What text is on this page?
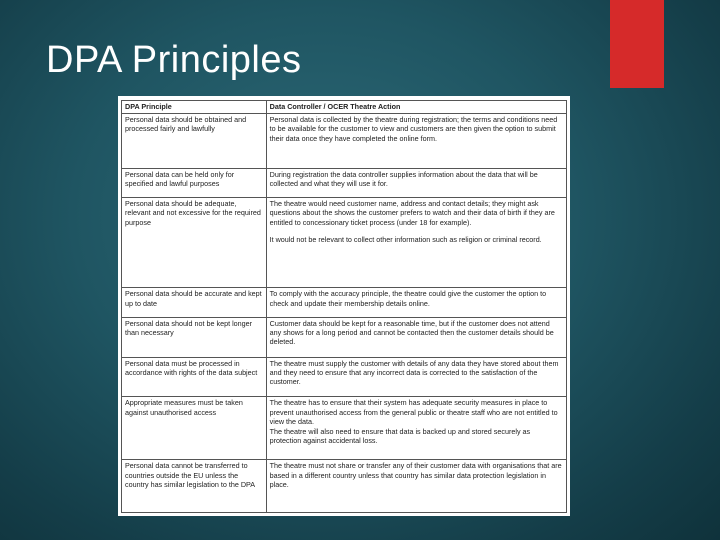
DPA Principles
DPA Principle	Data Controller / OCER Theatre Action
Personal data should be obtained and processed fairly and lawfully	Personal data is collected by the theatre during registration; the terms and conditions need to be available for the customer to view and customers are then given the option to submit their data once they have completed the online form.
Personal data can be held only for specified and lawful purposes	During registration the data controller supplies information about the data that will be collected and what they will use it for.
Personal data should be adequate, relevant and not excessive for the required purpose	The theatre would need customer name, address and contact details; they might ask questions about the shows the customer prefers to watch and their data of birth if they are entitled to concessionary ticket process (under 18 for example).
It would not be relevant to collect other information such as religion or criminal record.

Personal data should be accurate and kept up to date	To comply with the accuracy principle, the theatre could give the customer the option to check and update their membership details online.
Personal data should not be kept longer than necessary	Customer data should be kept for a reasonable time, but if the customer does not attend any shows for a long period and cannot be contacted then the customer details should be deleted.
Personal data must be processed in accordance with rights of the data subject	The theatre must supply the customer with details of any data they have stored about them and they need to ensure that any incorrect data is corrected to the satisfaction of the customer.
Appropriate measures must be taken against unauthorised access	The theatre has to ensure that their system has adequate security measures in place to prevent unauthorised access from the general public or theatre staff who are not entitled to view the data.
The theatre will also need to ensure that data is backed up and stored securely as protection against accidental loss.

Personal data cannot be transferred to countries outside the EU unless the country has similar legislation to the DPA	The theatre must not share or transfer any of their customer data with organisations that are based in a different country unless that country has similar data protection legislation in place.
